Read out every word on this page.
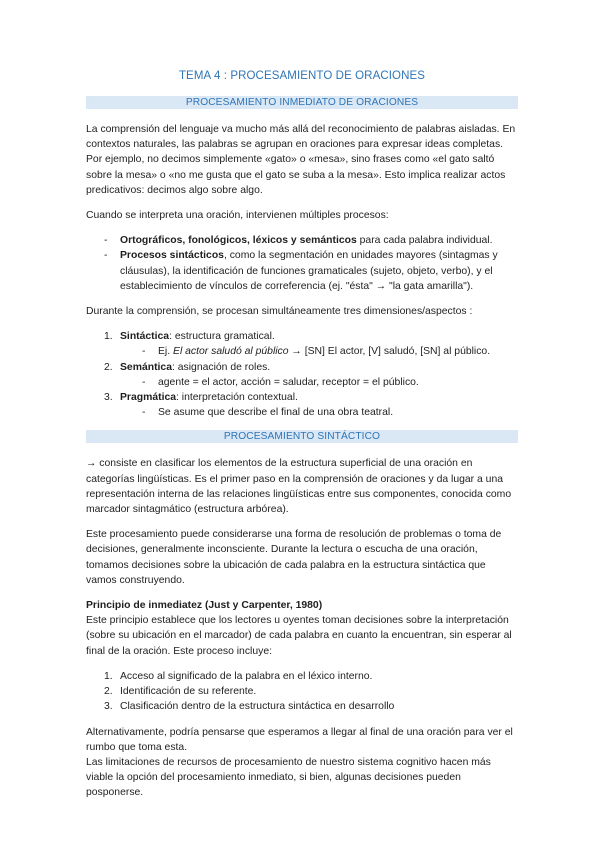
TEMA 4 : PROCESAMIENTO DE ORACIONES
PROCESAMIENTO INMEDIATO DE ORACIONES

La comprensión del lenguaje va mucho más allá del reconocimiento de palabras aisladas. En contextos naturales, las palabras se agrupan en oraciones para expresar ideas completas. Por ejemplo, no decimos simplemente «gato» o «mesa», sino frases como «el gato saltó sobre la mesa» o «no me gusta que el gato se suba a la mesa». Esto implica realizar actos predicativos: decimos algo sobre algo.

Cuando se interpreta una oración, intervienen múltiples procesos:

- Ortográficos, fonológicos, léxicos y semánticos para cada palabra individual.
- Procesos sintácticos, como la segmentación en unidades mayores (sintagmas y cláusulas), la identificación de funciones gramaticales (sujeto, objeto, verbo), y el establecimiento de vínculos de correferencia (ej. "ésta" → "la gata amarilla").

Durante la comprensión, se procesan simultáneamente tres dimensiones/aspectos :

1. Sintáctica: estructura gramatical.
- Ej. El actor saludó al público → [SN] El actor, [V] saludó, [SN] al público.
2. Semántica: asignación de roles.
- agente = el actor, acción = saludar, receptor = el público.
3. Pragmática: interpretación contextual.
- Se asume que describe el final de una obra teatral.
PROCESAMIENTO SINTÁCTICO

→ consiste en clasificar los elementos de la estructura superficial de una oración en categorías lingüísticas. Es el primer paso en la comprensión de oraciones y da lugar a una representación interna de las relaciones lingüísticas entre sus componentes, conocida como marcador sintagmático (estructura arbórea).

Este procesamiento puede considerarse una forma de resolución de problemas o toma de decisiones, generalmente inconsciente. Durante la lectura o escucha de una oración, tomamos decisiones sobre la ubicación de cada palabra en la estructura sintáctica que vamos construyendo.

Principio de inmediatez (Just y Carpenter, 1980)

Este principio establece que los lectores u oyentes toman decisiones sobre la interpretación (sobre su ubicación en el marcador) de cada palabra en cuanto la encuentran, sin esperar al final de la oración. Este proceso incluye:

1. Acceso al significado de la palabra en el léxico interno.
2. Identificación de su referente.
3. Clasificación dentro de la estructura sintáctica en desarrollo

Alternativamente, podría pensarse que esperamos a llegar al final de una oración para ver el rumbo que toma esta.

Las limitaciones de recursos de procesamiento de nuestro sistema cognitivo hacen más viable la opción del procesamiento inmediato, si bien, algunas decisiones pueden posponerse.
